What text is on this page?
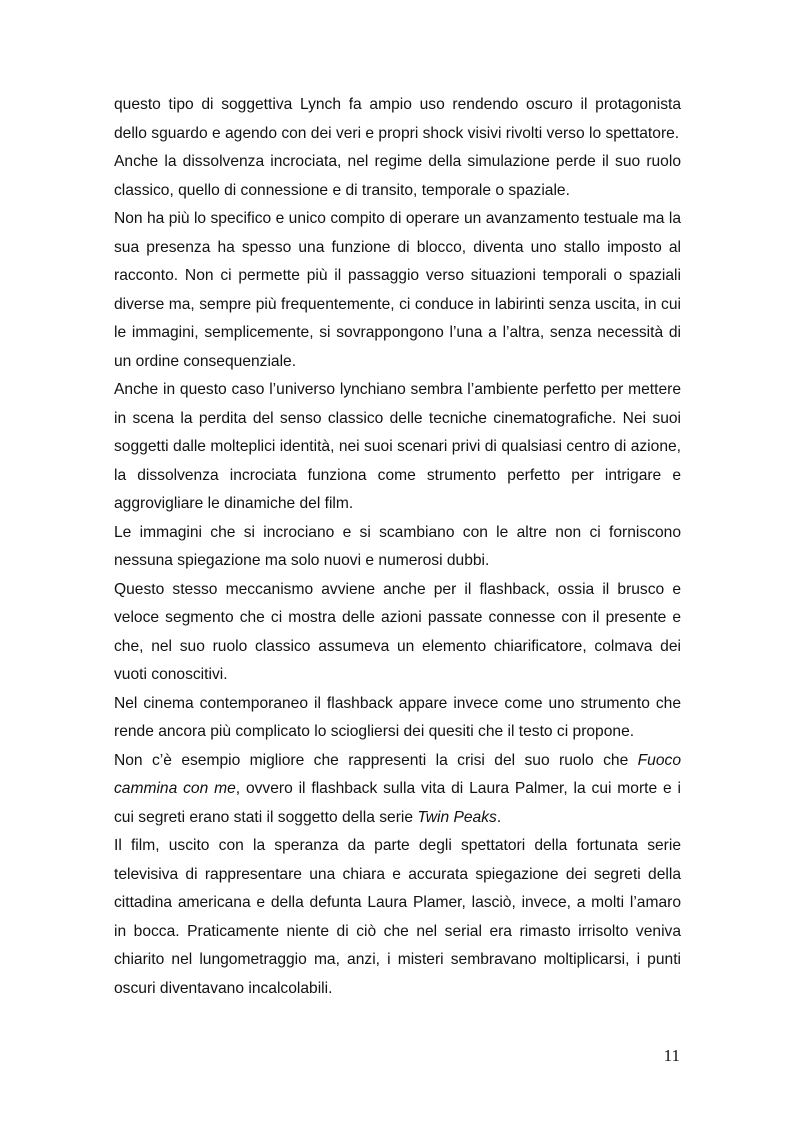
questo tipo di soggettiva Lynch fa ampio uso rendendo oscuro il protagonista dello sguardo e agendo con dei veri e propri shock visivi rivolti verso lo spettatore.

Anche la dissolvenza incrociata, nel regime della simulazione perde il suo ruolo classico, quello di connessione e di transito, temporale o spaziale.

Non ha più lo specifico e unico compito di operare un avanzamento testuale ma la sua presenza ha spesso una funzione di blocco, diventa uno stallo imposto al racconto. Non ci permette più il passaggio verso situazioni temporali o spaziali diverse ma, sempre più frequentemente, ci conduce in labirinti senza uscita, in cui le immagini, semplicemente, si sovrappongono l’una a l’altra, senza necessità di un ordine consequenziale.

Anche in questo caso l’universo lynchiano sembra l’ambiente perfetto per mettere in scena la perdita del senso classico delle tecniche cinematografiche. Nei suoi soggetti dalle molteplici identità, nei suoi scenari privi di qualsiasi centro di azione, la dissolvenza incrociata funziona come strumento perfetto per intrigare e aggrovigliare le dinamiche del film.

Le immagini che si incrociano e si scambiano con le altre non ci forniscono nessuna spiegazione ma solo nuovi e numerosi dubbi.

Questo stesso meccanismo avviene anche per il flashback, ossia il brusco e veloce segmento che ci mostra delle azioni passate connesse con il presente e che, nel suo ruolo classico assumeva un elemento chiarificatore, colmava dei vuoti conoscitivi.

Nel cinema contemporaneo il flashback appare invece come uno strumento che rende ancora più complicato lo sciogliersi dei quesiti che il testo ci propone.

Non c’è esempio migliore che rappresenti la crisi del suo ruolo che Fuoco cammina con me, ovvero il flashback sulla vita di Laura Palmer, la cui morte e i cui segreti erano stati il soggetto della serie Twin Peaks.

Il film, uscito con la speranza da parte degli spettatori della fortunata serie televisiva di rappresentare una chiara e accurata spiegazione dei segreti della cittadina americana e della defunta Laura Plamer, lasciò, invece, a molti l’amaro in bocca. Praticamente niente di ciò che nel serial era rimasto irrisolto veniva chiarito nel lungometraggio ma, anzi, i misteri sembravano moltiplicarsi, i punti oscuri diventavano incalcolabili.

11
